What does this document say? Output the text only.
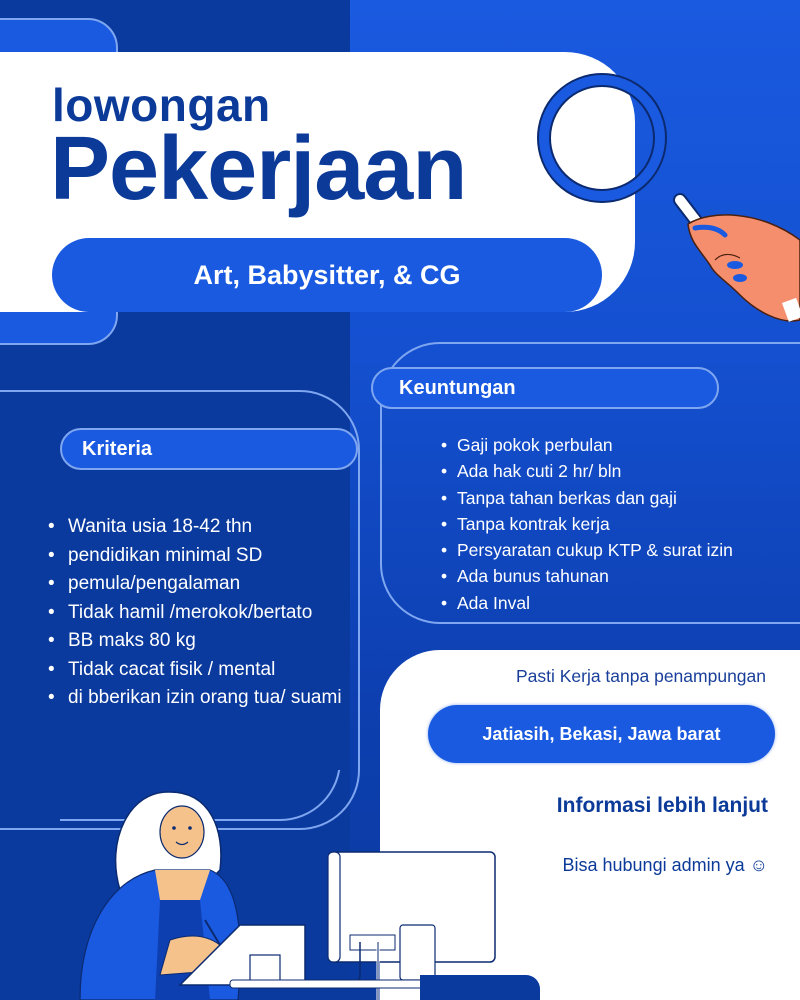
lowongan
Pekerjaan
Art, Babysitter, & CG
Kriteria
• Wanita usia 18-42 thn
• pendidikan minimal SD
• pemula/pengalaman
• Tidak hamil /merokok/bertato
• BB maks 80 kg
• Tidak cacat fisik / mental
• di bberikan izin orang tua/ suami
Keuntungan
• Gaji pokok perbulan
• Ada hak cuti 2 hr/ bln
• Tanpa tahan berkas dan gaji
• Tanpa kontrak kerja
• Persyaratan cukup KTP & surat izin
• Ada bunus tahunan
• Ada Inval
Pasti Kerja tanpa penampungan
Jatiasih, Bekasi, Jawa barat
Informasi lebih lanjut
Bisa hubungi admin ya ☺
